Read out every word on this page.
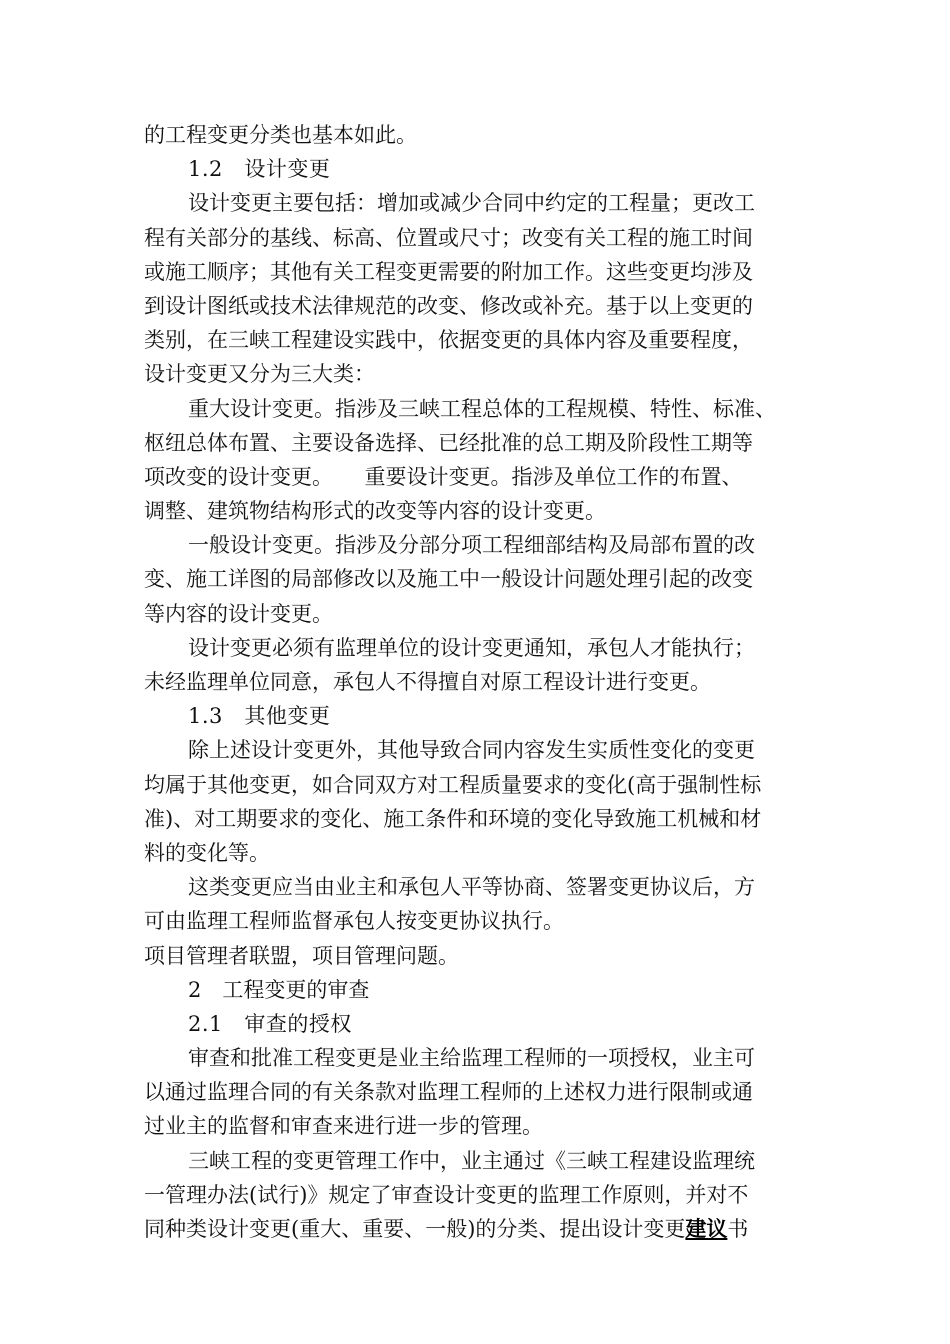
的工程变更分类也基本如此。
1.2　设计变更
设计变更主要包括：增加或减少合同中约定的工程量；更改工
程有关部分的基线、标高、位置或尺寸；改变有关工程的施工时间
或施工顺序；其他有关工程变更需要的附加工作。这些变更均涉及
到设计图纸或技术法律规范的改变、修改或补充。基于以上变更的
类别，在三峡工程建设实践中，依据变更的具体内容及重要程度，
设计变更又分为三大类：
重大设计变更。指涉及三峡工程总体的工程规模、特性、标准、
枢纽总体布置、主要设备选择、已经批准的总工期及阶段性工期等
项改变的设计变更。　　重要设计变更。指涉及单位工作的布置、
调整、建筑物结构形式的改变等内容的设计变更。
一般设计变更。指涉及分部分项工程细部结构及局部布置的改
变、施工详图的局部修改以及施工中一般设计问题处理引起的改变
等内容的设计变更。
设计变更必须有监理单位的设计变更通知，承包人才能执行；
未经监理单位同意，承包人不得擅自对原工程设计进行变更。
1.3　其他变更
除上述设计变更外，其他导致合同内容发生实质性变化的变更
均属于其他变更，如合同双方对工程质量要求的变化(高于强制性标
准)、对工期要求的变化、施工条件和环境的变化导致施工机械和材
料的变化等。
这类变更应当由业主和承包人平等协商、签署变更协议后，方
可由监理工程师监督承包人按变更协议执行。
项目管理者联盟，项目管理问题。
2　工程变更的审查
2.1　审查的授权
审查和批准工程变更是业主给监理工程师的一项授权，业主可
以通过监理合同的有关条款对监理工程师的上述权力进行限制或通
过业主的监督和审查来进行进一步的管理。
三峡工程的变更管理工作中，业主通过《三峡工程建设监理统
一管理办法(试行)》规定了审查设计变更的监理工作原则，并对不
同种类设计变更(重大、重要、一般)的分类、提出设计变更建议书
